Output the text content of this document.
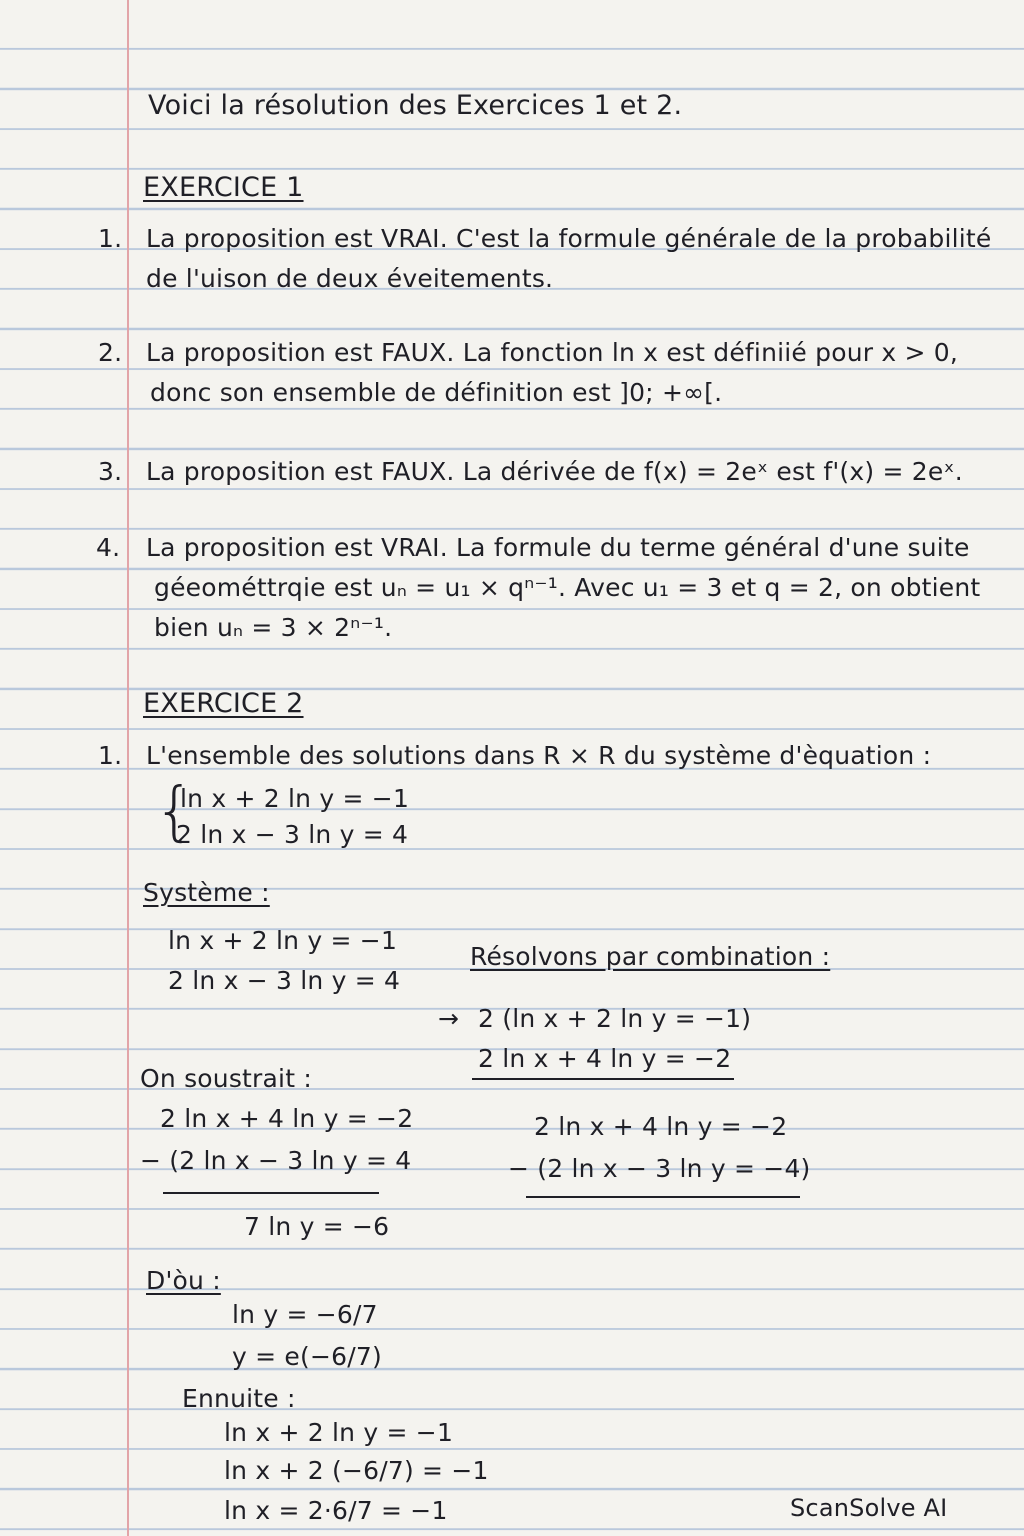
Voici la résolution des Exercices 1 et 2.
EXERCICE 1
1. La proposition est VRAI. C'est la formule générale de la probabilité
de l'uison de deux éveitements.
2. La proposition est FAUX. La fonction ln x est définiié pour x > 0,
donc son ensemble de définition est ]0; +∞[.
3. La proposition est FAUX. La dérivée de f(x) = 2eˣ est f'(x) = 2eˣ.
4. La proposition est VRAI. La formule du terme général d'une suite
géeométtrqie est uₙ = u₁ × qⁿ⁻¹. Avec u₁ = 3 et q = 2, on obtient
bien uₙ = 3 × 2ⁿ⁻¹.
EXERCICE 2
1. L'ensemble des solutions dans R × R du système d'èquation :
{
ln x + 2 ln y = −1
2 ln x − 3 ln y = 4
Système :
ln x + 2 ln y = −1
2 ln x − 3 ln y = 4
Résolvons par combination :
→ 2 (ln x + 2 ln y = −1)
2 ln x + 4 ln y = −2
2 ln x + 4 ln y = −2
− (2 ln x − 3 ln y = −4)
On soustrait :
2 ln x + 4 ln y = −2
− (2 ln x − 3 ln y = 4
7 ln y = −6
D'òu :
ln y = −6/7
y = e(−6/7)
Ennuite :
ln x + 2 ln y = −1
ln x + 2 (−6/7) = −1
ln x = 2·6/7 = −1	ScanSolve AI
